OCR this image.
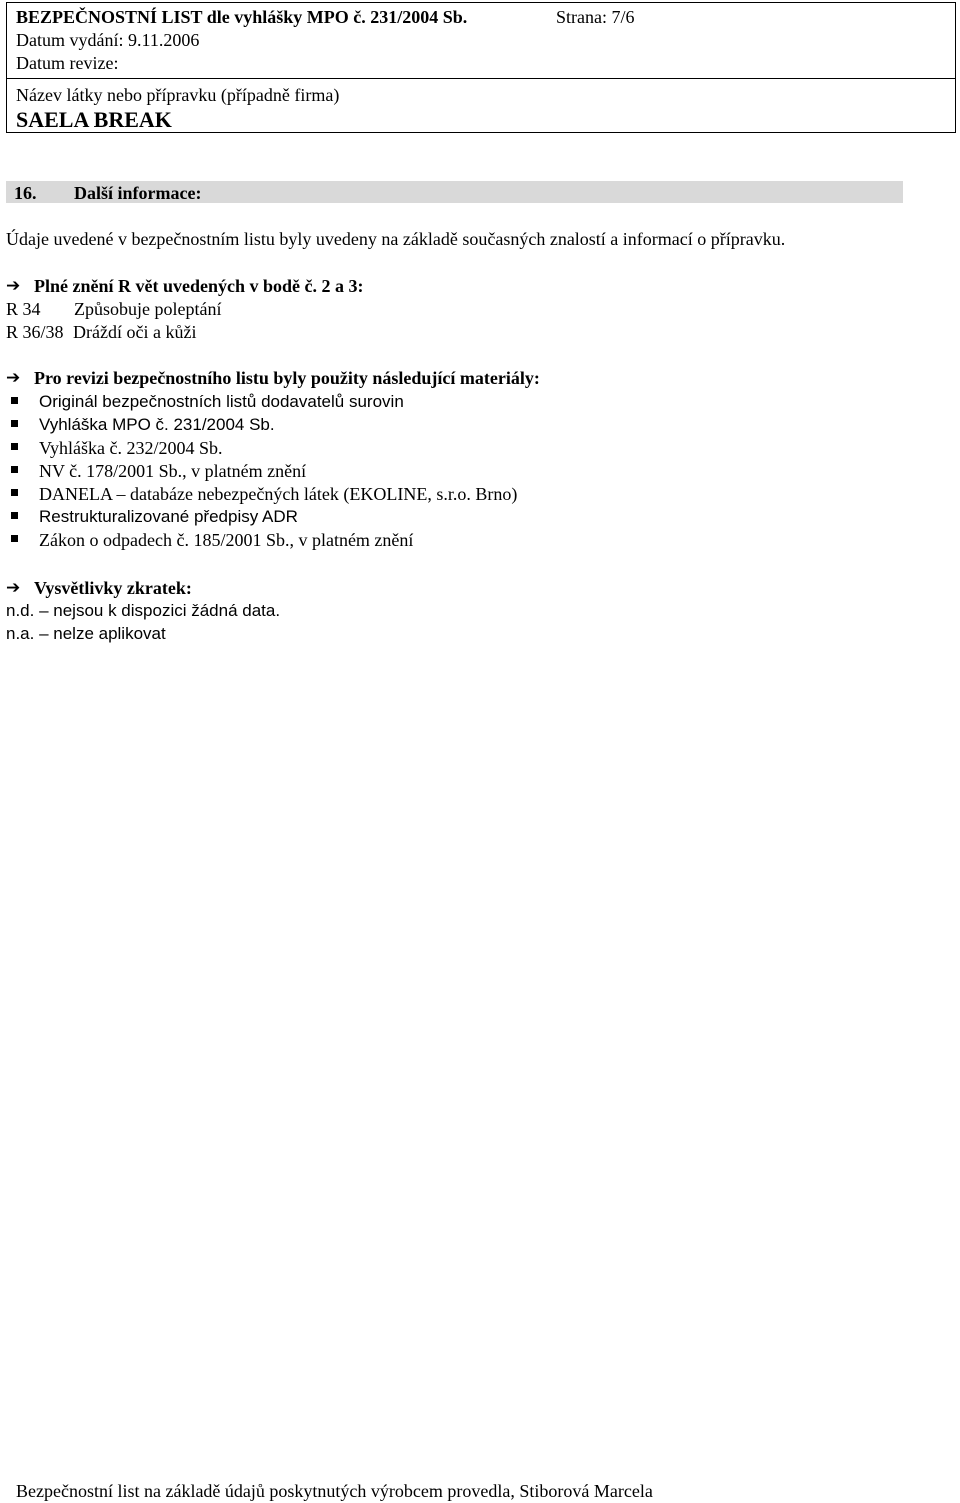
BEZPEČNOSTNÍ LIST dle vyhlášky MPO č. 231/2004 Sb.	Strana: 7/6
Datum vydání: 9.11.2006
Datum revize:
Název látky nebo přípravku (případně firma)
SAELA BREAK
16. Další informace:
Údaje uvedené v bezpečnostním listu byly uvedeny na základě současných znalostí a informací o přípravku.
➔ Plné znění R vět uvedených v bodě č. 2 a 3:
R 34 Způsobuje poleptání
R 36/38 Dráždí oči a kůži
➔ Pro revizi bezpečnostního listu byly použity následující materiály:
Originál bezpečnostních listů dodavatelů surovin
Vyhláška MPO č. 231/2004 Sb.
Vyhláška č. 232/2004 Sb.
NV č. 178/2001 Sb., v platném znění
DANELA – databáze nebezpečných látek (EKOLINE, s.r.o. Brno)
Restrukturalizované předpisy ADR
Zákon o odpadech č. 185/2001 Sb., v platném znění
➔ Vysvětlivky zkratek:
n.d. – nejsou k dispozici žádná data.
n.a. – nelze aplikovat
Bezpečnostní list na základě údajů poskytnutých výrobcem provedla, Stiborová Marcela
